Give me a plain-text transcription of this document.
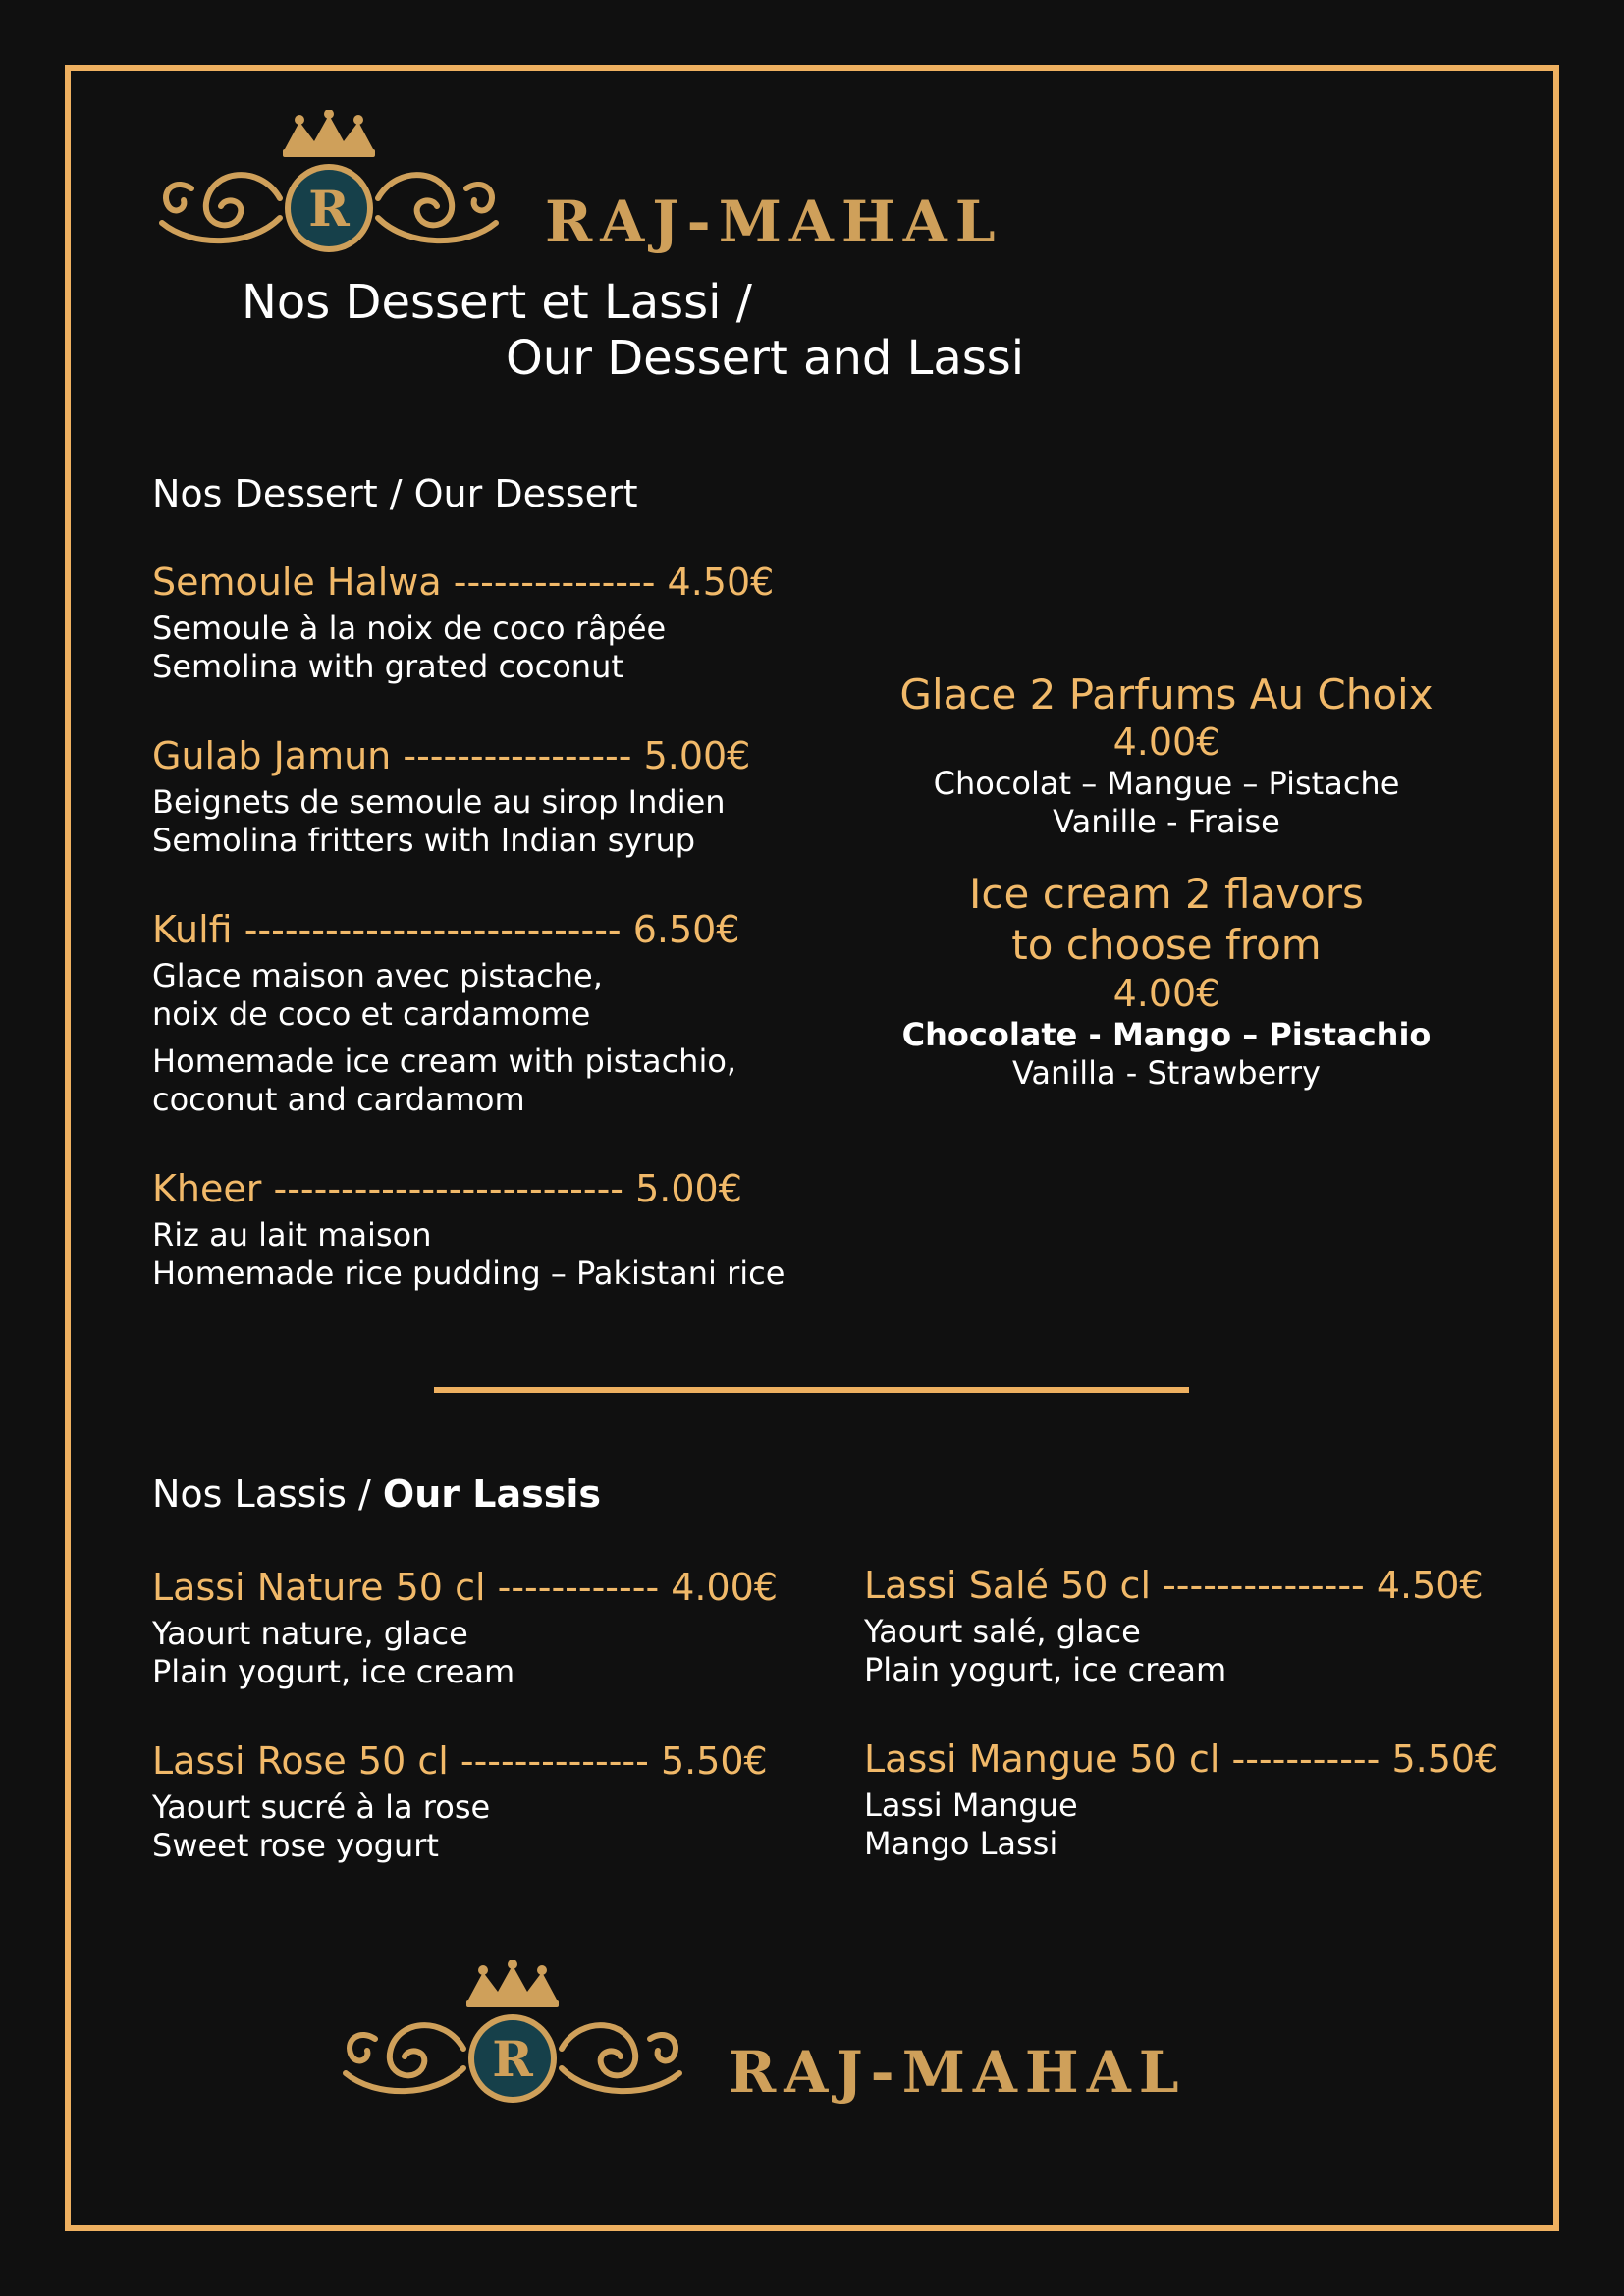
R	RAJ-MAHAL
Nos Dessert et Lassi /
Our Dessert and Lassi
Nos Dessert / Our Dessert
Semoule Halwa --------------- 4.50€
Semoule à la noix de coco râpée
Semolina with grated coconut
Gulab Jamun ----------------- 5.00€
Beignets de semoule au sirop Indien
Semolina fritters with Indian syrup
Kulfi ---------------------------- 6.50€
Glace maison avec pistache,
noix de coco et cardamome
Homemade ice cream with pistachio,
coconut and cardamom
Kheer -------------------------- 5.00€
Riz au lait maison
Homemade rice pudding – Pakistani rice
Glace 2 Parfums Au Choix
4.00€
Chocolat – Mangue – Pistache
Vanille - Fraise
Ice cream 2 flavors
to choose from
4.00€
Chocolate - Mango – Pistachio
Vanilla - Strawberry
Nos Lassis / Our Lassis
Lassi Nature 50 cl ------------ 4.00€
Yaourt nature, glace
Plain yogurt, ice cream
Lassi Rose 50 cl -------------- 5.50€
Yaourt sucré à la rose
Sweet rose yogurt
Lassi Salé 50 cl --------------- 4.50€
Yaourt salé, glace
Plain yogurt, ice cream
Lassi Mangue 50 cl ----------- 5.50€
Lassi Mangue
Mango Lassi
R	RAJ-MAHAL
